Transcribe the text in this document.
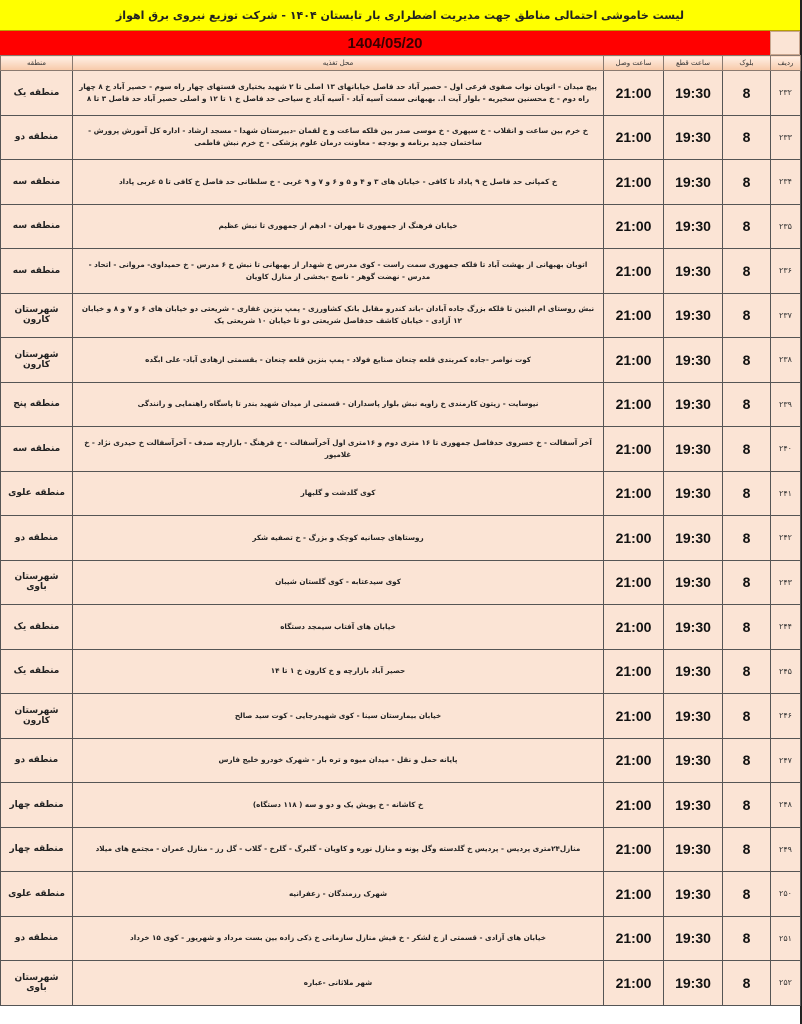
لیست خاموشی احتمالی مناطق جهت مدیریت اضطراری بار تابستان ۱۴۰۴ - شرکت توزیع نیروی برق اهواز
1404/05/20
ردیف	بلوک	ساعت قطع	ساعت وصل	محل تغذیه	منطقه
۲۳۲	8	19:30	21:00	پیچ میدان - اتوبان نواب صفوی فرعی اول - حصیر آباد حد فاصل خیابانهای ۱۳ اصلی تا ۲ شهید بختیاری فستهای چهار راه سوم - حصیر آباد خ ۸ چهار راه دوم - خ محسنین سخیریه - بلوار آیت ا.. بهبهانی سمت آسیه آباد - آسیه آباد خ سیاحی حد فاصل خ ۱ تا ۱۲ و اصلی حصیر آباد حد فاصل ۳ تا ۸	منطقه یک
۲۳۳	8	19:30	21:00	خ خرم بین ساعت و انقلاب - خ سپهری - خ موسی صدر بین فلکه ساعت و خ لقمان -دبیرستان شهدا - مسجد ارشاد - اداره کل آموزش پرورش - ساختمان جدید برنامه و بودجه - معاونت درمان علوم پزشکی - خ خرم نبش فاطمی	منطقه دو
۲۳۴	8	19:30	21:00	خ کمپانی حد فاصل خ ۹ پاداد تا کافی - خیابان های ۳ و ۴ و ۵ و ۶ و ۷ و ۹ غربی - خ سلطانی حد فاصل خ کافی تا ۵ غربی پاداد	منطقه سه
۲۳۵	8	19:30	21:00	خیابان فرهنگ از جمهوری تا مهران - ادهم از جمهوری تا نبش عظیم	منطقه سه
۲۳۶	8	19:30	21:00	اتوبان بهبهانی از بهشت آباد تا فلکه جمهوری سمت راست - کوی مدرس خ شهدار از بهبهانی تا نبش خ ۶ مدرس - خ حمیداوی- مروانی - اتحاد - مدرس - نهضت گوهر - ناصح -بخشی از منازل کاویان	منطقه سه
۲۳۷	8	19:30	21:00	نبش روستای ام البنین تا فلکه بزرگ جاده آبادان -باند کندرو مقابل بانک کشاورزی - پمپ بنزین غفاری - شریعتی دو خیابان های ۶ و ۷ و ۸ و خیابان ۱۲ آزادی - خیابان کاشف حدفاصل شریعتی دو تا خیابان ۱۰ شریعتی یک	شهرستان کارون
۲۳۸	8	19:30	21:00	کوت نواصر -جاده کمربندی قلعه چنعان صنایع فولاد - پمپ بنزین قلعه چنعان - بقسمتی ازهادی آباد- علی ابگده	شهرستان کارون
۲۳۹	8	19:30	21:00	نیوسایت - زیتون کارمندی خ زاویه نبش بلوار پاسداران - قسمتی از میدان شهید بندر تا پاسگاه راهنمایی و رانندگی	منطقه پنج
۲۴۰	8	19:30	21:00	آخر آسفالت - خ خسروی حدفاصل جمهوری تا ۱۶ متری دوم و ۱۶متری اول آخرآسفالت - خ فرهنگ - بازارچه صدف - آخرآسفالت خ حیدری نژاد - خ غلامپور	منطقه سه
۲۴۱	8	19:30	21:00	کوی گلدشت و گلبهار	منطقه علوی
۲۴۲	8	19:30	21:00	روستاهای جسانیه کوچک و بزرگ - خ تصفیه شکر	منطقه دو
۲۴۳	8	19:30	21:00	کوی سیدعتابه - کوی گلستان شیبان	شهرستان باوی
۲۴۴	8	19:30	21:00	خیابان های آفتاب سیمجد دستگاه	منطقه یک
۲۴۵	8	19:30	21:00	حصیر آباد بازارچه و خ کارون خ ۱ تا ۱۴	منطقه یک
۲۴۶	8	19:30	21:00	خیابان بیمارستان سینا - کوی شهیدرجایی - کوت سید صالح	شهرستان کارون
۲۴۷	8	19:30	21:00	پایانه حمل و نقل - میدان میوه و تره بار - شهرک خودرو خلیج فارس	منطقه دو
۲۴۸	8	19:30	21:00	خ کاشانه - خ پویش یک و دو و سه ( ۱۱۸ دستگاه)	منطقه چهار
۲۴۹	8	19:30	21:00	منازل۲۴متری پردیس - پردیس خ گلدسته وگل پونه و منازل نوره و کاویان - گلبرگ - گلرخ - گلاب - گل رز - منازل عمران - مجتمع های میلاد	منطقه چهار
۲۵۰	8	19:30	21:00	شهرک رزمندگان - زعفرانیه	منطقه علوی
۲۵۱	8	19:30	21:00	خیابان های آزادی - قسمتی از خ لشکر - خ فیش منازل سازمانی خ ذکی زاده بین بست مرداد و شهریور - کوی ۱۵ خرداد	منطقه دو
۲۵۲	8	19:30	21:00	شهر ملاثانی -عباره	شهرستان باوی
